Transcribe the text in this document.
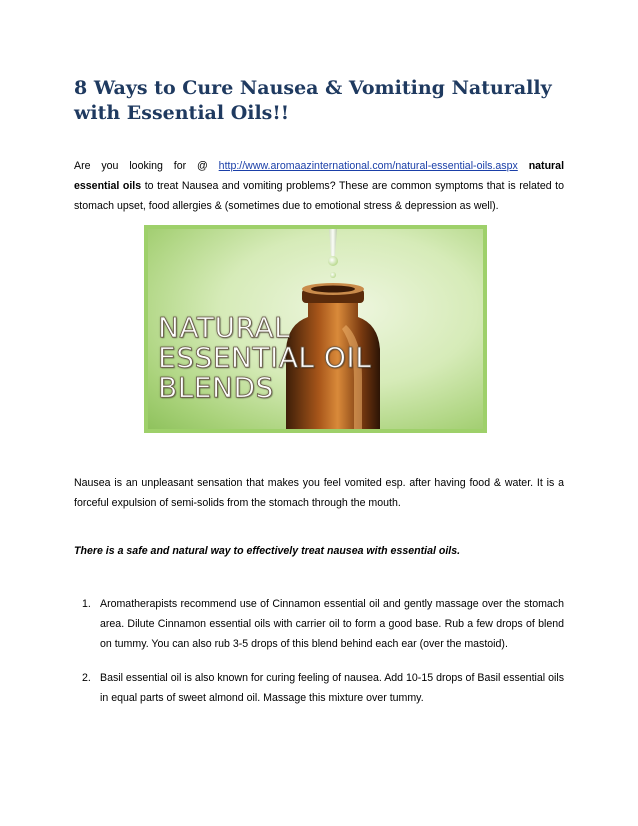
8 Ways to Cure Nausea & Vomiting Naturally with Essential Oils!!

Are you looking for @ http://www.aromaazinternational.com/natural-essential-oils.aspx natural essential oils to treat Nausea and vomiting problems? These are common symptoms that is related to stomach upset, food allergies & (sometimes due to emotional stress & depression as well).

NATURAL
ESSENTIAL OIL
BLENDS

Nausea is an unpleasant sensation that makes you feel vomited esp. after having food & water. It is a forceful expulsion of semi-solids from the stomach through the mouth.

There is a safe and natural way to effectively treat nausea with essential oils.

1. Aromatherapists recommend use of Cinnamon essential oil and gently massage over the stomach area. Dilute Cinnamon essential oils with carrier oil to form a good base. Rub a few drops of blend on tummy. You can also rub 3-5 drops of this blend behind each ear (over the mastoid).
2. Basil essential oil is also known for curing feeling of nausea. Add 10-15 drops of Basil essential oils in equal parts of sweet almond oil. Massage this mixture over tummy.
